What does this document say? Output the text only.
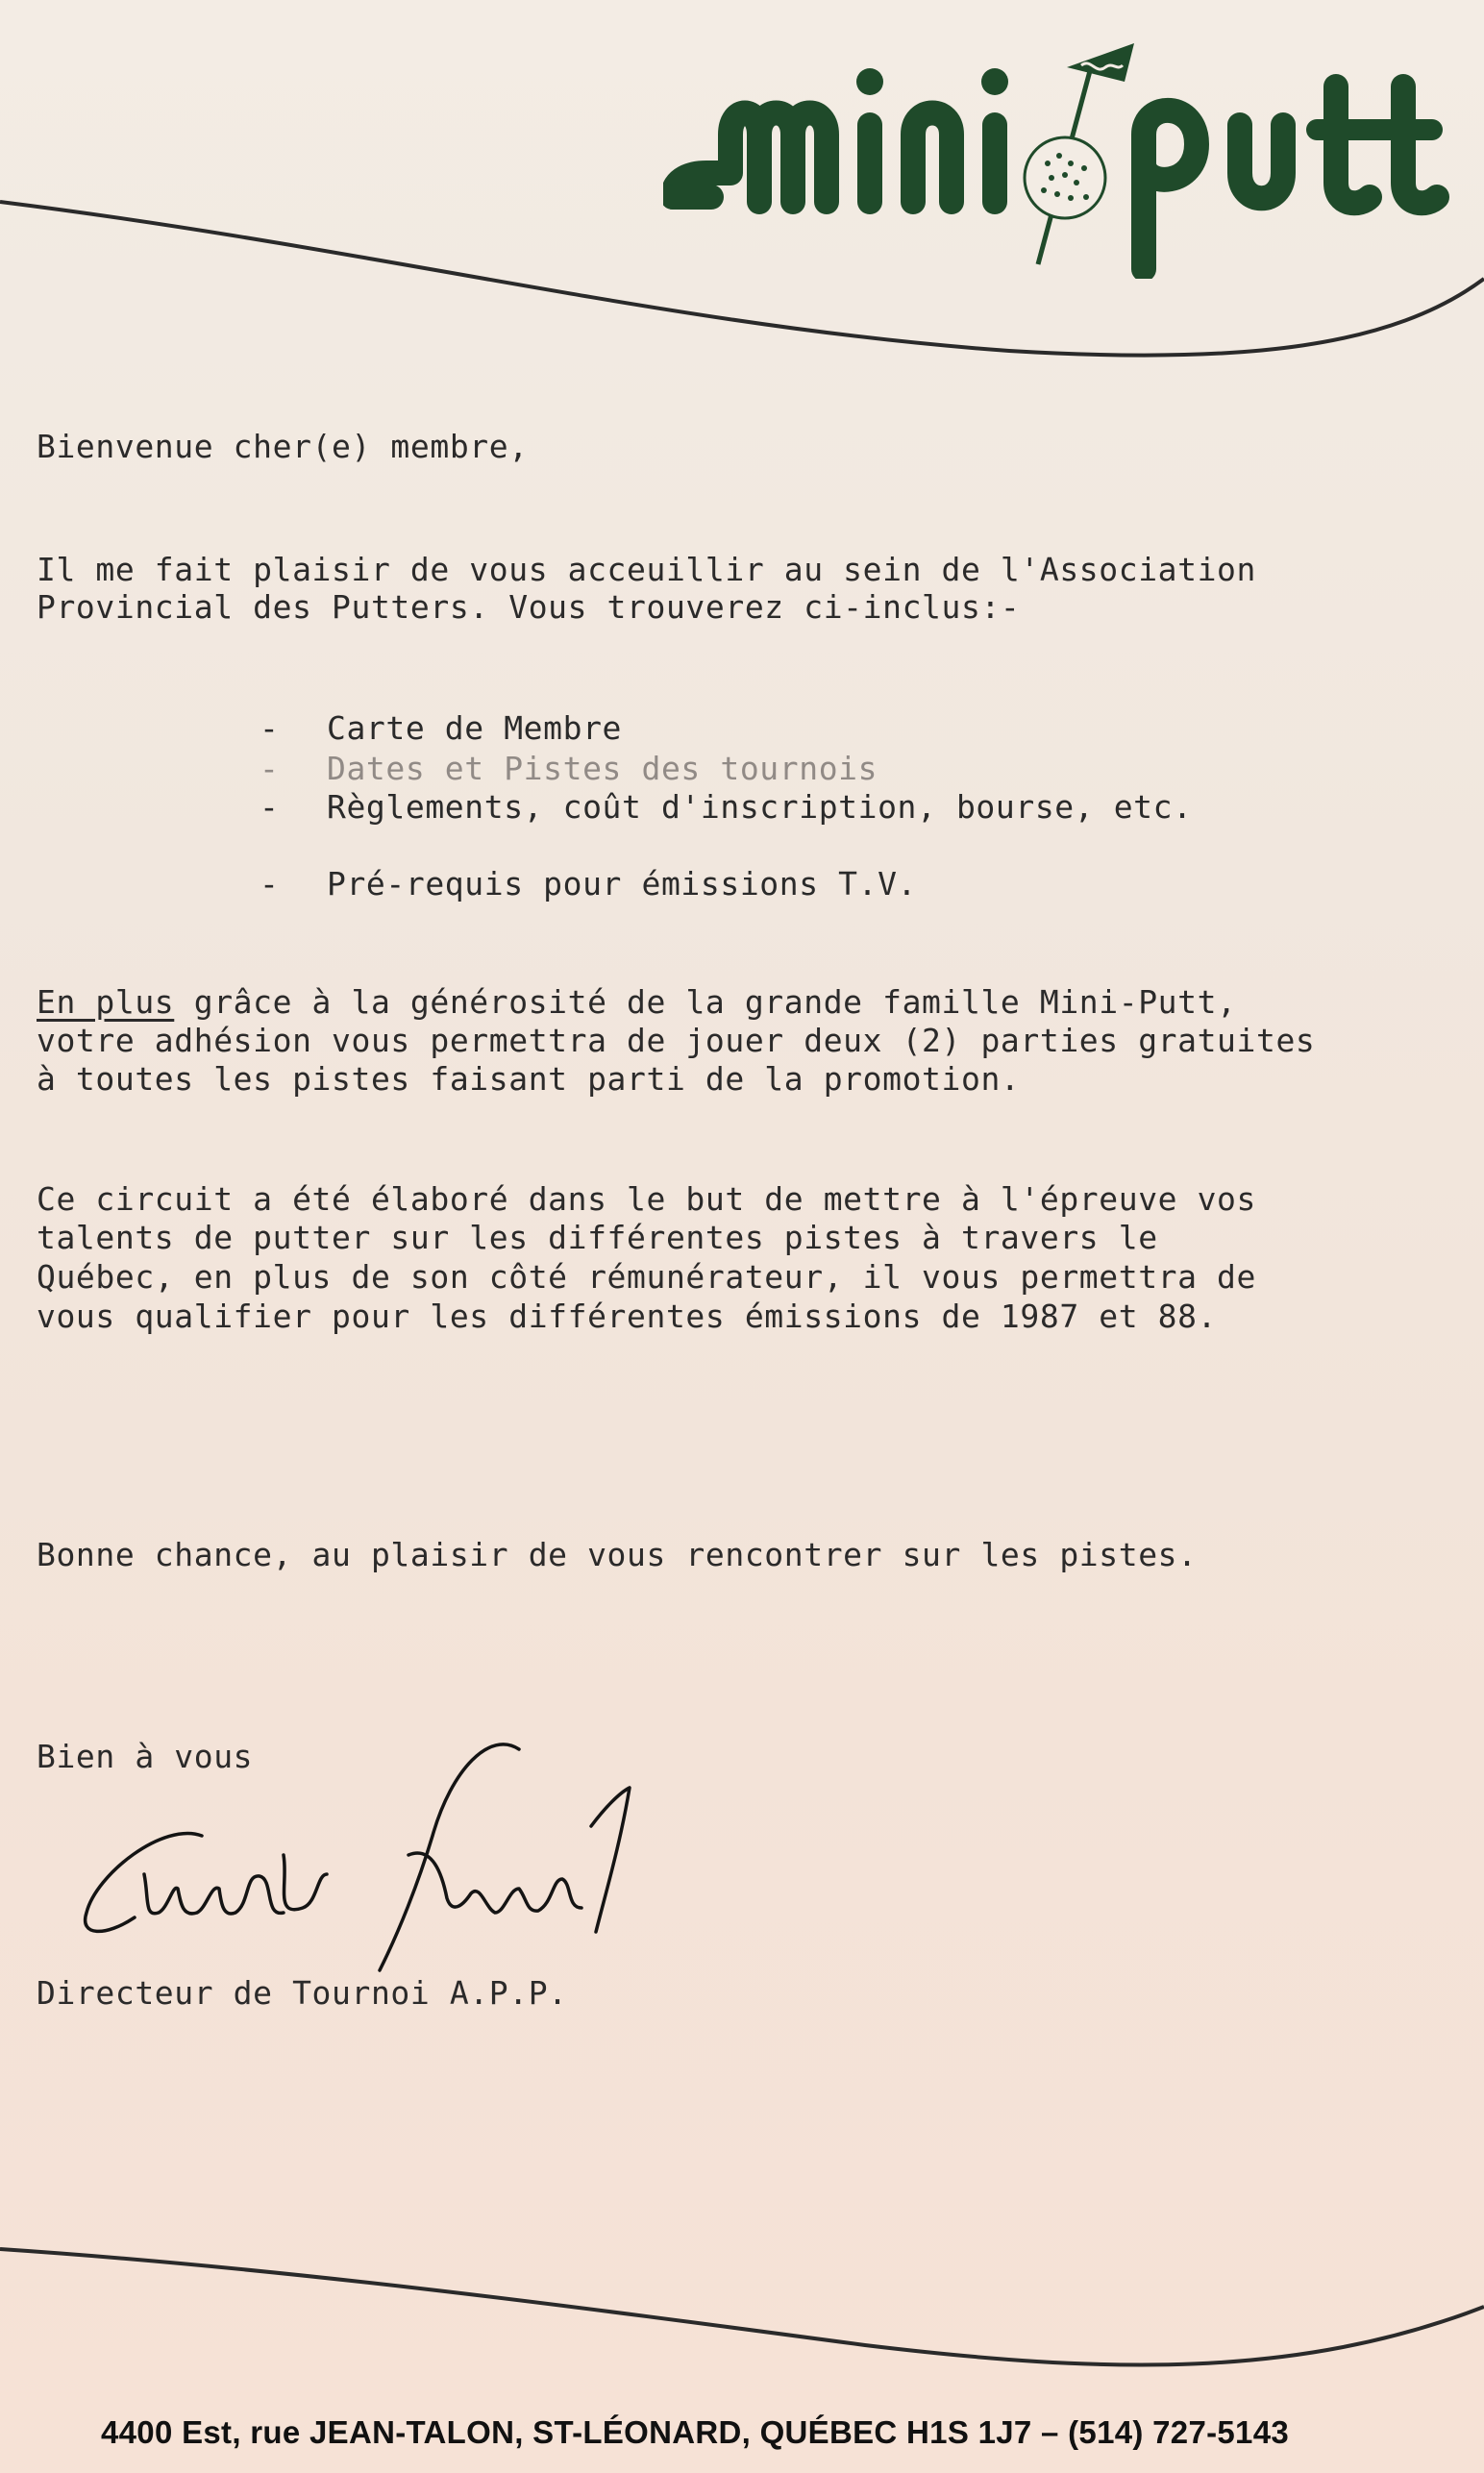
Bienvenue cher(e) membre,
Il me fait plaisir de vous acceuillir au sein de l'Association
Provincial des Putters. Vous trouverez ci-inclus:-
- Carte de Membre
- Dates et Pistes des tournois
- Règlements, coût d'inscription, bourse, etc.
- Pré-requis pour émissions T.V.
En plus grâce à la générosité de la grande famille Mini-Putt,
votre adhésion vous permettra de jouer deux (2) parties gratuites
à toutes les pistes faisant parti de la promotion.
Ce circuit a été élaboré dans le but de mettre à l'épreuve vos
talents de putter sur les différentes pistes à travers le
Québec, en plus de son côté rémunérateur, il vous permettra de
vous qualifier pour les différentes émissions de 1987 et 88.
Bonne chance, au plaisir de vous rencontrer sur les pistes.
Bien à vous
Directeur de Tournoi A.P.P.
4400 Est, rue JEAN-TALON, ST-LÉONARD, QUÉBEC H1S 1J7 – (514) 727-5143
